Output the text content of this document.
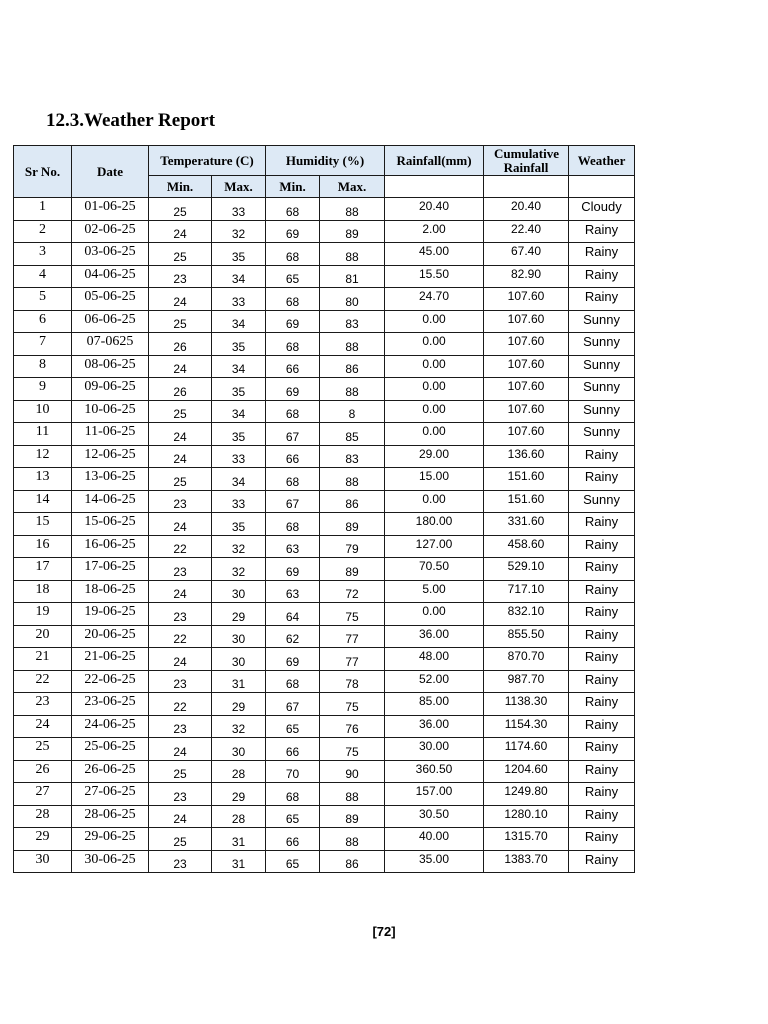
12.3.Weather Report
Sr No.	Date	Temperature (C)		Humidity (%)		Rainfall(mm)	Cumulative Rainfall	Weather
		Min.	Max.	Min.	Max.			
1	01-06-25	25	33	68	88	20.40	20.40	Cloudy
2	02-06-25	24	32	69	89	2.00	22.40	Rainy
3	03-06-25	25	35	68	88	45.00	67.40	Rainy
4	04-06-25	23	34	65	81	15.50	82.90	Rainy
5	05-06-25	24	33	68	80	24.70	107.60	Rainy
6	06-06-25	25	34	69	83	0.00	107.60	Sunny
7	07-0625	26	35	68	88	0.00	107.60	Sunny
8	08-06-25	24	34	66	86	0.00	107.60	Sunny
9	09-06-25	26	35	69	88	0.00	107.60	Sunny
10	10-06-25	25	34	68	8	0.00	107.60	Sunny
11	11-06-25	24	35	67	85	0.00	107.60	Sunny
12	12-06-25	24	33	66	83	29.00	136.60	Rainy
13	13-06-25	25	34	68	88	15.00	151.60	Rainy
14	14-06-25	23	33	67	86	0.00	151.60	Sunny
15	15-06-25	24	35	68	89	180.00	331.60	Rainy
16	16-06-25	22	32	63	79	127.00	458.60	Rainy
17	17-06-25	23	32	69	89	70.50	529.10	Rainy
18	18-06-25	24	30	63	72	5.00	717.10	Rainy
19	19-06-25	23	29	64	75	0.00	832.10	Rainy
20	20-06-25	22	30	62	77	36.00	855.50	Rainy
21	21-06-25	24	30	69	77	48.00	870.70	Rainy
22	22-06-25	23	31	68	78	52.00	987.70	Rainy
23	23-06-25	22	29	67	75	85.00	1138.30	Rainy
24	24-06-25	23	32	65	76	36.00	1154.30	Rainy
25	25-06-25	24	30	66	75	30.00	1174.60	Rainy
26	26-06-25	25	28	70	90	360.50	1204.60	Rainy
27	27-06-25	23	29	68	88	157.00	1249.80	Rainy
28	28-06-25	24	28	65	89	30.50	1280.10	Rainy
29	29-06-25	25	31	66	88	40.00	1315.70	Rainy
30	30-06-25	23	31	65	86	35.00	1383.70	Rainy
[72]
